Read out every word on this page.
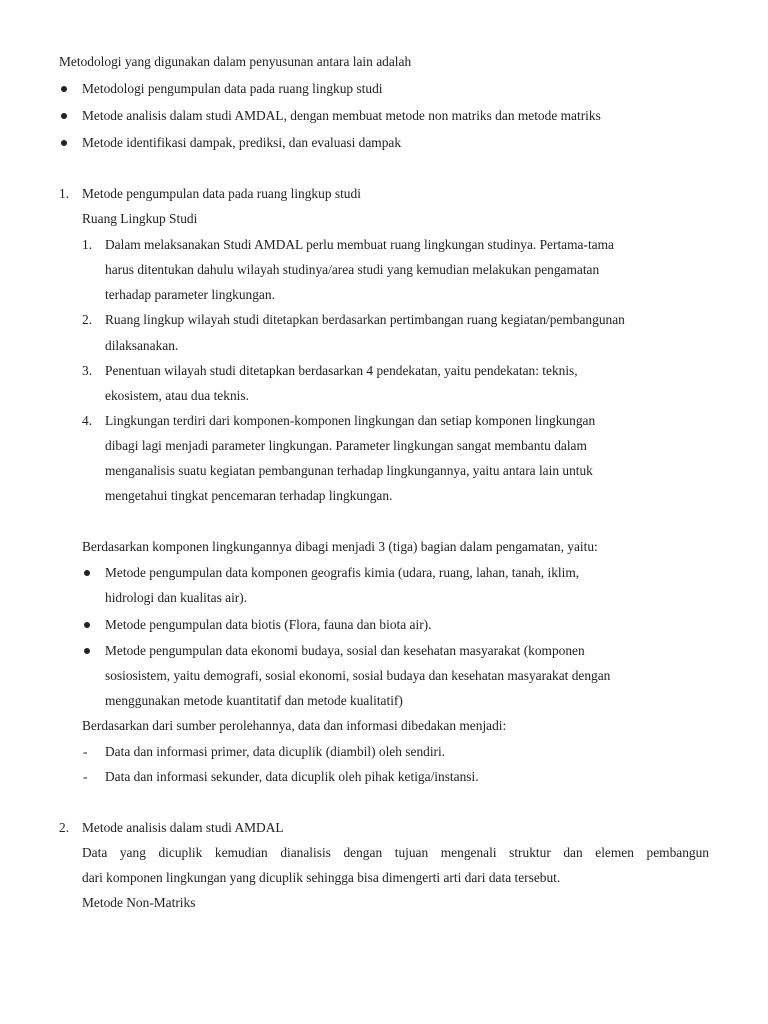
Metodologi yang digunakan dalam penyusunan antara lain adalah
Metodologi pengumpulan data pada ruang lingkup studi
Metode analisis dalam studi AMDAL, dengan membuat metode non matriks dan metode matriks
Metode identifikasi dampak, prediksi, dan evaluasi dampak
1. Metode pengumpulan data pada ruang lingkup studi
Ruang Lingkup Studi
1. Dalam melaksanakan Studi AMDAL perlu membuat ruang lingkungan studinya. Pertama-tama
harus ditentukan dahulu wilayah studinya/area studi yang kemudian melakukan pengamatan
terhadap parameter lingkungan.
2. Ruang lingkup wilayah studi ditetapkan berdasarkan pertimbangan ruang kegiatan/pembangunan
dilaksanakan.
3. Penentuan wilayah studi ditetapkan berdasarkan 4 pendekatan, yaitu pendekatan: teknis,
ekosistem, atau dua teknis.
4. Lingkungan terdiri dari komponen-komponen lingkungan dan setiap komponen lingkungan
dibagi lagi menjadi parameter lingkungan. Parameter lingkungan sangat membantu dalam
menganalisis suatu kegiatan pembangunan terhadap lingkungannya, yaitu antara lain untuk
mengetahui tingkat pencemaran terhadap lingkungan.
Berdasarkan komponen lingkungannya dibagi menjadi 3 (tiga) bagian dalam pengamatan, yaitu:
Metode pengumpulan data komponen geografis kimia (udara, ruang, lahan, tanah, iklim,
hidrologi dan kualitas air).
Metode pengumpulan data biotis (Flora, fauna dan biota air).
Metode pengumpulan data ekonomi budaya, sosial dan kesehatan masyarakat (komponen
sosiosistem, yaitu demografi, sosial ekonomi, sosial budaya dan kesehatan masyarakat dengan
menggunakan metode kuantitatif dan metode kualitatif)
Berdasarkan dari sumber perolehannya, data dan informasi dibedakan menjadi:
- Data dan informasi primer, data dicuplik (diambil) oleh sendiri.
- Data dan informasi sekunder, data dicuplik oleh pihak ketiga/instansi.
2. Metode analisis dalam studi AMDAL
Data yang dicuplik kemudian dianalisis dengan tujuan mengenali struktur dan elemen pembangun
dari komponen lingkungan yang dicuplik sehingga bisa dimengerti arti dari data tersebut.
Metode Non-Matriks
